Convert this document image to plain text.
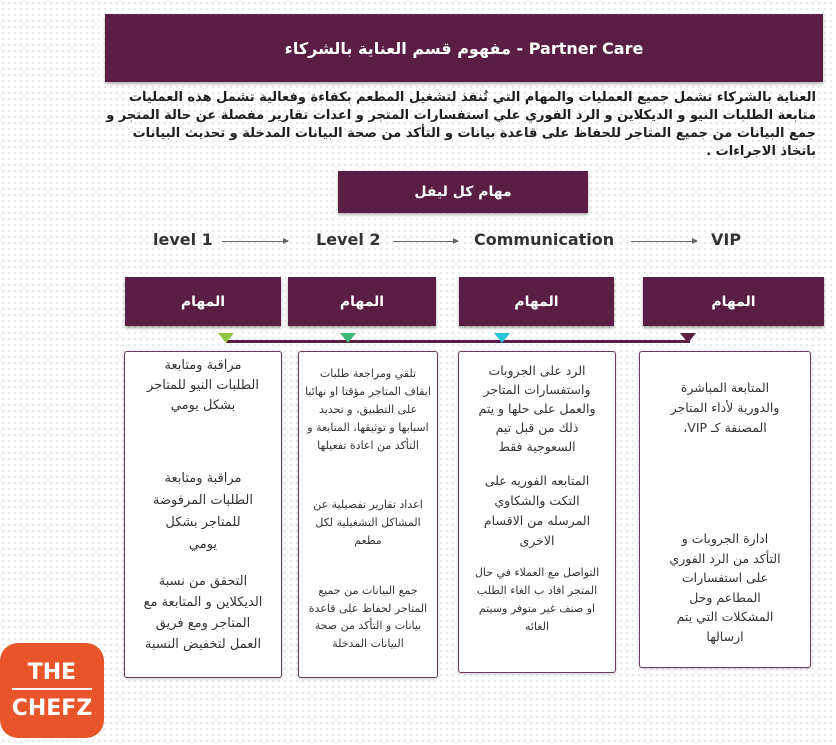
مفهوم قسم العناية بالشركاء - Partner Care
العناية بالشركاء تشمل جميع العمليات والمهام التي تُنفذ لتشغيل المطعم بكفاءة وفعالية تشمل هذه العمليات متابعة الطلبات النيو و الديكلاين و الرد الفوري علي استفسارات المتجر و اعدات تقارير مفصلة عن حالة المتجر و جمع البيانات من جميع المتاجر للحفاظ على قاعدة بيانات و التأكد من صحة البيانات المدخلة و تحديث البيانات باتخاذ الاجراءات .
مهام كل ليفل
level 1	Level 2	Communication	VIP
المهام	المهام	المهام	المهام
مراقبة ومتابعة الطلبات النيو للمتاجر بشكل يومي
مراقبة ومتابعة الطلبات المرفوضة للمتاجر بشكل يومي
التحقق من نسبة الديكلاين و المتابعة مع المتاجر ومع فريق العمل لتخفيض النسبة
تلقي ومراجعة طلبات ايقاف المتاجر مؤقتا او نهائيا على التطبيق، و تحديد اسبابها و توثيقها، المتابعة و التأكد من اعادة تفعيلها
اعداد تقارير تفصيلية عن المشاكل التشغيلية لكل مطعم
جمع البيانات من جميع المتاجر لحفاظ على قاعدة بيانات و التأكد من صحة البيانات المدخلة
الرد على الجروبات واستفسارات المتاجر والعمل على حلها و يتم ذلك من قبل تيم السعوجية فقط
المتابعه الفوريه على التكت والشكاوي المرسله من الاقسام الاخرى
التواصل مع العملاء في حال المتجر افاد ب الغاء الطلب او صنف غير متوفر وسيتم الغائه
المتابعة المباشرة والدورية لأداء المتاجر المصنفة كـ VIP،
ادارة الجروبات و التأكد من الرد الفوري على استفسارات المطاعم وحل المشكلات التي يتم ارسالها
THE
CHEFZ
